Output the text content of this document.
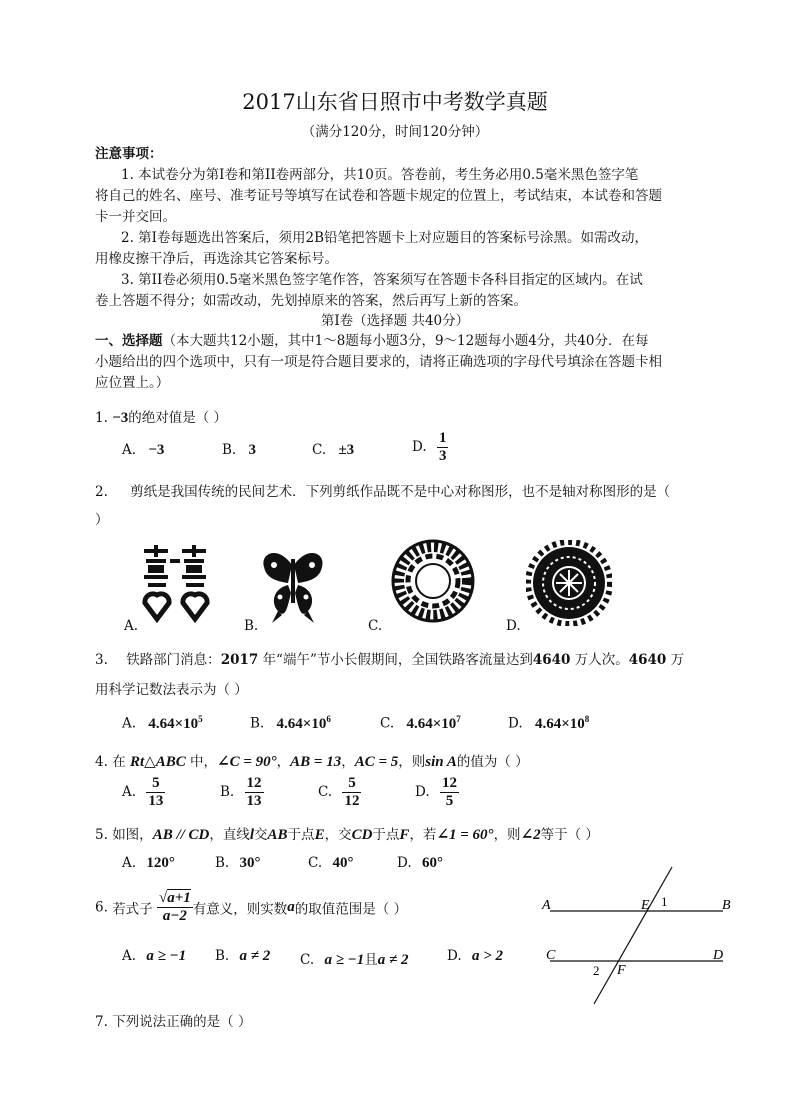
2017山东省日照市中考数学真题
（满分120分，时间120分钟）
注意事项：
1. 本试卷分为第I卷和第II卷两部分，共10页。答卷前，考生务必用0.5毫米黑色签字笔
将自己的姓名、座号、准考证号等填写在试卷和答题卡规定的位置上，考试结束，本试卷和答题
卡一并交回。
2. 第I卷每题选出答案后，须用2B铅笔把答题卡上对应题目的答案标号涂黑。如需改动，
用橡皮擦干净后，再选涂其它答案标号。
3. 第II卷必须用0.5毫米黑色签字笔作答，答案须写在答题卡各科目指定的区域内。在试
卷上答题不得分；如需改动，先划掉原来的答案，然后再写上新的答案。
第I卷（选择题 共40分）
一、选择题（本大题共12小题，其中1～8题每小题3分，9～12题每小题4分，共40分．在每
小题给出的四个选项中，只有一项是符合题目要求的，请将正确选项的字母代号填涂在答题卡相
应位置上。）
1. −3的绝对值是（ ）
A. −3	B. 3	C. ±3	D. $\frac{1}{3}$
2. 剪纸是我国传统的民间艺术．下列剪纸作品既不是中心对称图形，也不是轴对称图形的是（
）
A.	B.	C.	D.
3. 铁路部门消息：2017 年“端午”节小长假期间，全国铁路客流量达到4640 万人次。4640 万
用科学记数法表示为（ ）
A. $4.64\times 10^5$	B. $4.64\times 10^6$	C. $4.64\times 10^7$	D. $4.64\times 10^8$
4. 在 Rt△ABC 中，∠C = 90°，AB = 13，AC = 5，则sin A的值为（ ）
A. $\frac{5}{13}$	B. $\frac{12}{13}$	C. $\frac{5}{12}$	D. $\frac{12}{5}$
5. 如图，AB // CD，直线l交AB于点E，交CD于点F，若∠1 = 60°，则∠2等于（ ）
A. 120°	B. 30°	C. 40°	D. 60°
A	B
C	D
E
F
1
2
6. 若式子 $\frac{√a+1}{a-2}$ 有意义，则实数a的取值范围是（ ）
A. a ≥ −1 B. a ≠ 2 C. a ≥ −1且a ≠ 2	D. a > 2
7. 下列说法正确的是（ ）
